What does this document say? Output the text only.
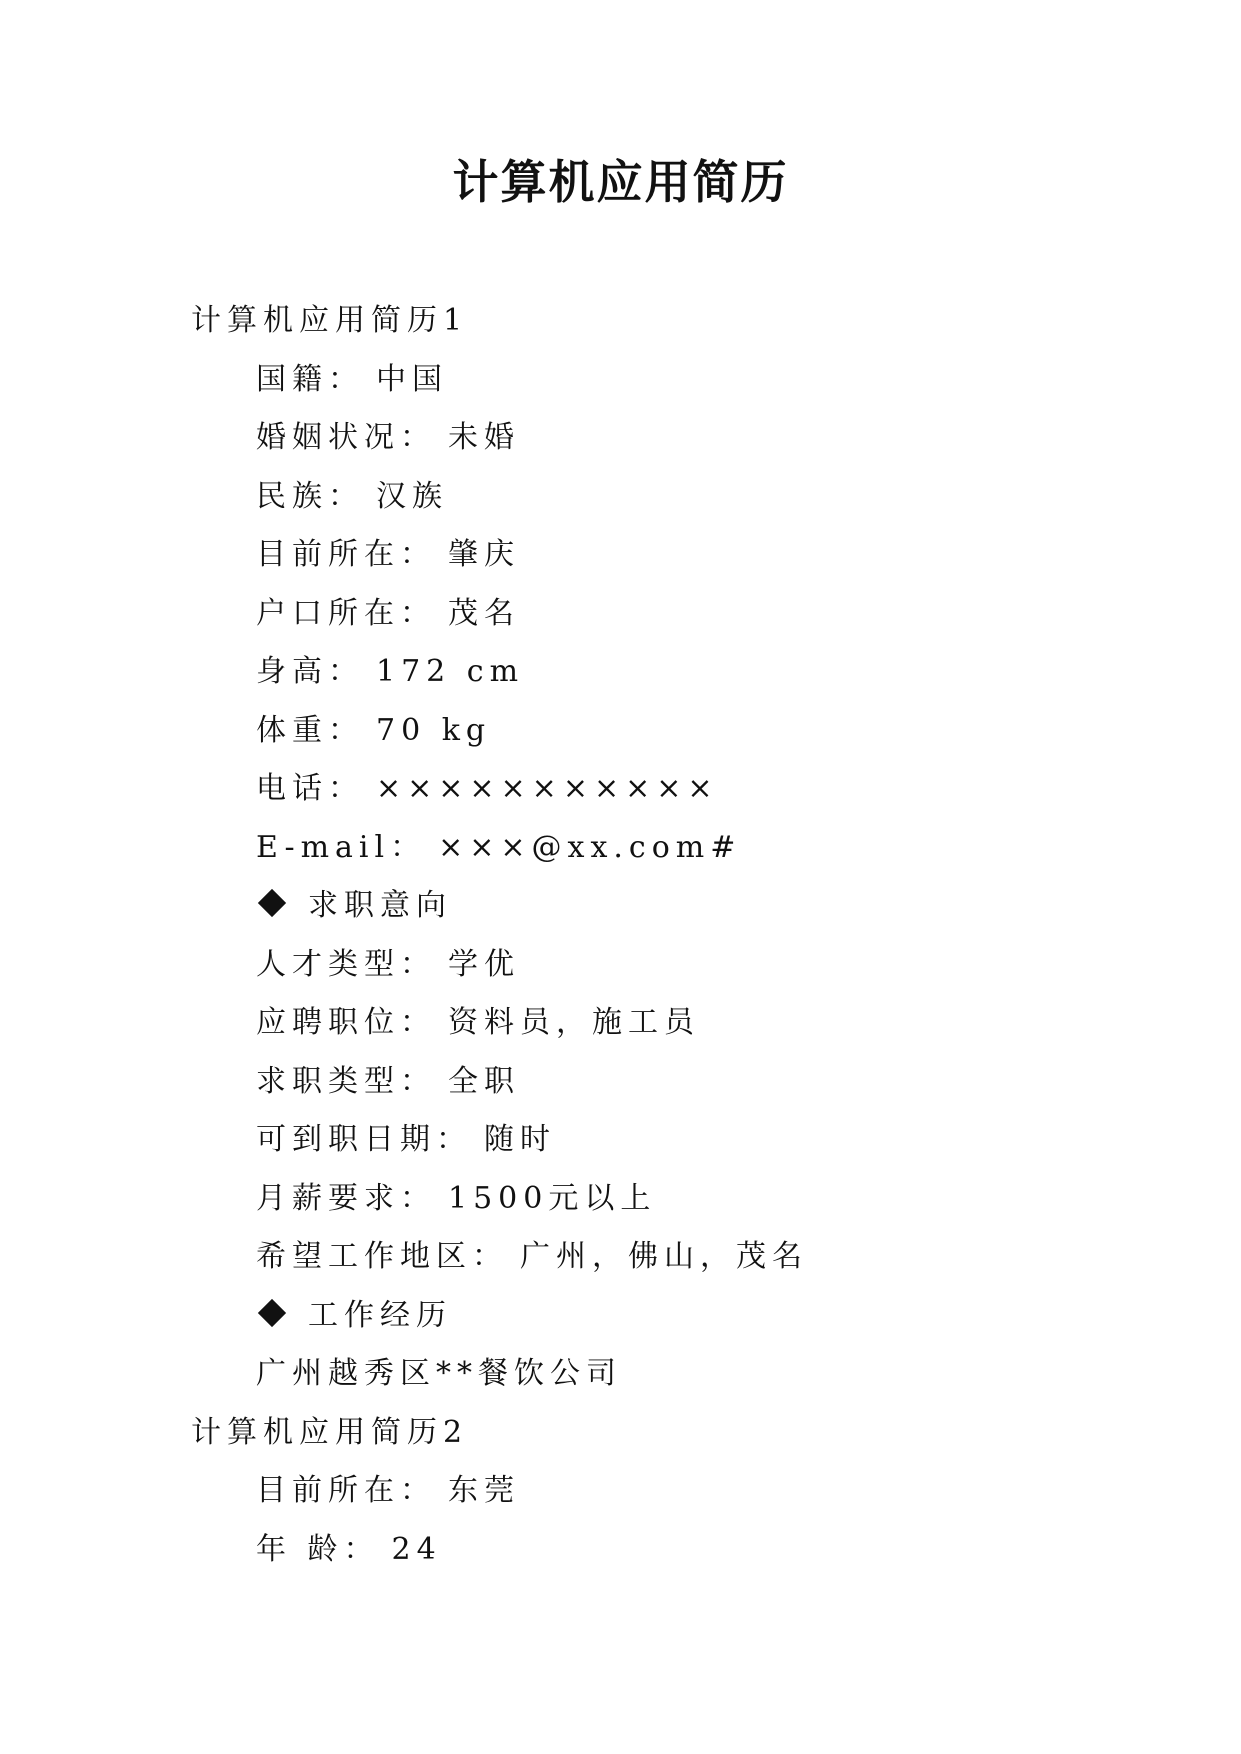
计算机应用简历
计算机应用简历1
国籍： 中国
婚姻状况： 未婚
民族： 汉族
目前所在： 肇庆
户口所在： 茂名
身高： 172 cm
体重： 70 kg
电话： ×××××××××××
E-mail： ×××@xx.com#
求职意向
人才类型： 学优
应聘职位： 资料员，施工员
求职类型： 全职
可到职日期： 随时
月薪要求： 1500元以上
希望工作地区： 广州，佛山，茂名
工作经历
广州越秀区**餐饮公司
计算机应用简历2
目前所在： 东莞
年 龄： 24
